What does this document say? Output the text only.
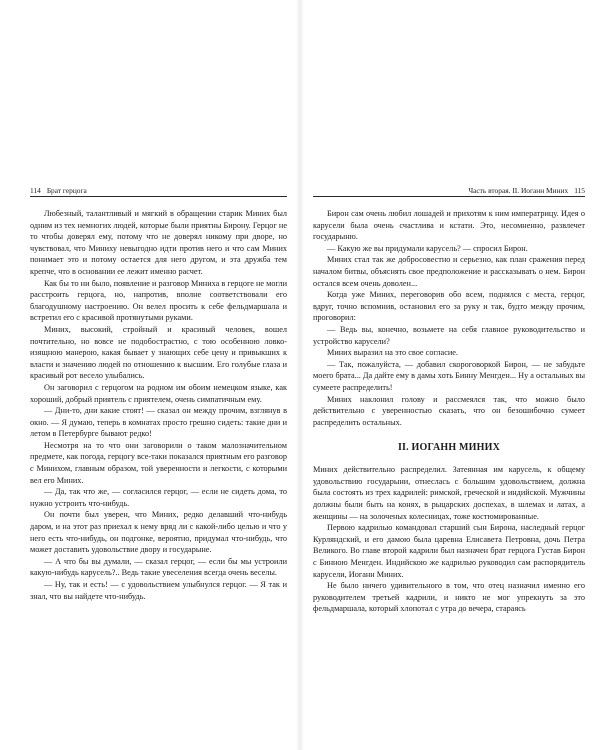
114 Брат герцога

Любезный, талантливый и мягкий в обращении старик Миних был одним из тех немногих людей, которые были приятны Бирону. Герцог не то чтобы доверял ему, потому что не доверял никому при дворе, но чувствовал, что Миниху невыгодно идти против него и что сам Миних понимает это и потому остается для него другом, и эта дружба тем крепче, что в основании ее лежит именно расчет.

Как бы то ни было, появление и разговор Миниха в герцоге не могли расстроить герцога, но, напротив, вполне соответствовали его благодушному настроению. Он велел просить к себе фельдмаршала и встретил его с красивой протянутыми руками.

Миних, высокий, стройный и красивый человек, вошел почтительно, но вовсе не подобострастно, с тою особенною ловко-изящною манерою, какая бывает у знающих себе цену и привыкших к власти и значению людей по отношению к высшим. Его голубые глаза и красивый рот весело улыбались.

Он заговорил с герцогом на родном им обоим немецком языке, как хороший, добрый приятель с приятелем, очень симпатичным ему.

— Дни-то, дни какие стоят! — сказал он между прочим, взглянув в окно. — Я думаю, теперь в комнатах просто грешно сидеть: такие дни и летом в Петербурге бывают редко!

Несмотря на то что они заговорили о таком малозначительном предмете, как погода, герцогу все-таки показался приятным его разговор с Минихом, главным образом, той уверенности и легкости, с которыми вел его Миних.

— Да, так что же, — согласился герцог, — если не сидеть дома, то нужно устроить что-нибудь.

Он почти был уверен, что Миних, редко делавший что-нибудь даром, и на этот раз приехал к нему вряд ли с какой-либо целью и что у него есть что-нибудь, он подгонке, вероятно, придумал что-нибудь, что может доставить удовольствие двору и государыне.

— А что бы вы думали, — сказал герцог, — если бы мы устроили какую-нибудь карусель?.. Ведь такие увеселения всегда очень веселы.

— Ну, так и есть! — с удовольствием улыбнулся герцог. — Я так и знал, что вы найдете что-нибудь.

Часть вторая. II. Иоганн Миних 115

Бирон сам очень любил лошадей и прихотям к ним императрицу. Идея о карусели была очень счастлива и кстати. Это, несомненно, развлечет государыню.

— Какую же вы придумали карусель? — спросил Бирон.

Миних стал так же добросовестно и серьезно, как план сражения перед началом битвы, объяснять свое предположение и рассказывать о нем. Бирон остался всем очень доволен...

Когда уже Миних, переговорив обо всем, поднялся с места, герцог, вдруг, точно вспомнив, остановил его за руку и так, будто между прочим, проговорил:

— Ведь вы, конечно, возьмете на себя главное руководительство и устройство карусели?

Миних выразил на это свое согласие.

— Так, пожалуйста, — добавил скороговоркой Бирон, — не забудьте моего брата... Да дайте ему в дамы хоть Бинну Менгден... Ну а остальных вы сумеете распределить!

Миних наклонил голову и рассмеялся так, что можно было действительно с уверенностью сказать, что он безошибочно сумеет распределить остальных.

II. ИОГАНН МИНИХ

Миних действительно распределил. Затеянная им карусель, к общему удовольствию государыни, отнеслась с большим удовольствием, должна была состоять из трех кадрилей: римской, греческой и индийской. Мужчины должны были быть на конях, в рыцарских доспехах, в шлемах и латах, а женщины — на золоченых колесницах, тоже костюмированные.

Первою кадрилью командовал старший сын Бирона, наследный герцог Курляндский, и его дамою была царевна Елисавета Петровна, дочь Петра Великого. Во главе второй кадрили был назначен брат герцога Густав Бирон с Бинною Менгден. Индийскою же кадрилью руководил сам распорядитель карусели, Иоганн Миних.

Не было ничего удивительного в том, что отец назначил именно его руководителем третьей кадрили, и никто не мог упрекнуть за это фельдмаршала, который хлопотал с утра до вечера, стараясь
